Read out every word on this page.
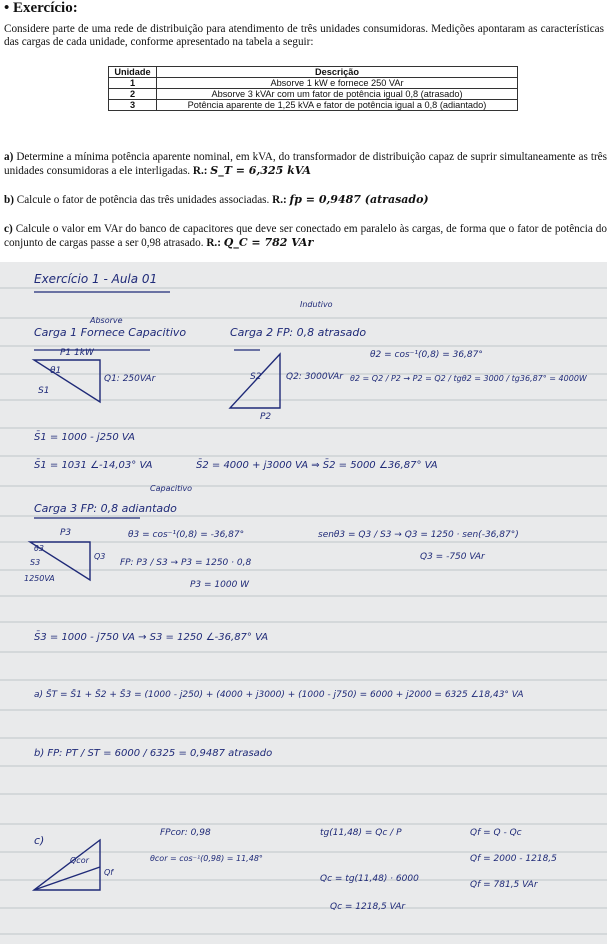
• Exercício:
Considere parte de uma rede de distribuição para atendimento de três unidades consumidoras. Medições apontaram as características das cargas de cada unidade, conforme apresentado na tabela a seguir:
Unidade	Descrição
1	Absorve 1 kW e fornece 250 VAr
2	Absorve 3 kVAr com um fator de potência igual 0,8 (atrasado)
3	Potência aparente de 1,25 kVA e fator de potência igual a 0,8 (adiantado)
a) Determine a mínima potência aparente nominal, em kVA, do transformador de distribuição capaz de suprir simultaneamente as três unidades consumidoras a ele interligadas. R.: S_T = 6,325 kVA
b) Calcule o fator de potência das três unidades associadas. R.: fp = 0,9487 (atrasado)
c) Calcule o valor em VAr do banco de capacitores que deve ser conectado em paralelo às cargas, de forma que o fator de potência do conjunto de cargas passe a ser 0,98 atrasado. R.: Q_C = 782 VAr
Exercício 1 - Aula 01
Indutivo
Absorve
Carga 1 Fornece Capacitivo	Carga 2 FP: 0,8 atrasado
P1 1kW
θ1
S1
Q1: 250VAr	S2	Q2: 3000VAr
P2
θ2 = cos⁻¹(0,8) = 36,87°
θ2 = Q2 / P2 → P2 = Q2 / tgθ2 = 3000 / tg36,87° = 4000W
S̄1 = 1000 - j250 VA
S̄1 = 1031 ∠-14,03° VA	S̄2 = 4000 + j3000 VA ⇒ S̄2 = 5000 ∠36,87° VA
Capacitivo
Carga 3 FP: 0,8 adiantado
P3
θ3
S3
Q3
1250VA
θ3 = cos⁻¹(0,8) = -36,87°	senθ3 = Q3 / S3 → Q3 = 1250 · sen(-36,87°)
Q3 = -750 VAr
FP: P3 / S3 → P3 = 1250 · 0,8
P3 = 1000 W
S̄3 = 1000 - j750 VA → S3 = 1250 ∠-36,87° VA
a) S̄T = S̄1 + S̄2 + S̄3 = (1000 - j250) + (4000 + j3000) + (1000 - j750) = 6000 + j2000 = 6325 ∠18,43° VA
b) FP: PT / ST = 6000 / 6325 = 0,9487 atrasado
c)
FPcor: 0,98
θcor = cos⁻¹(0,98) = 11,48°
Qcor
Qf
tg(11,48) = Qc / P
Qc = tg(11,48) · 6000
Qc = 1218,5 VAr
Qf = Q - Qc
Qf = 2000 - 1218,5
Qf = 781,5 VAr
